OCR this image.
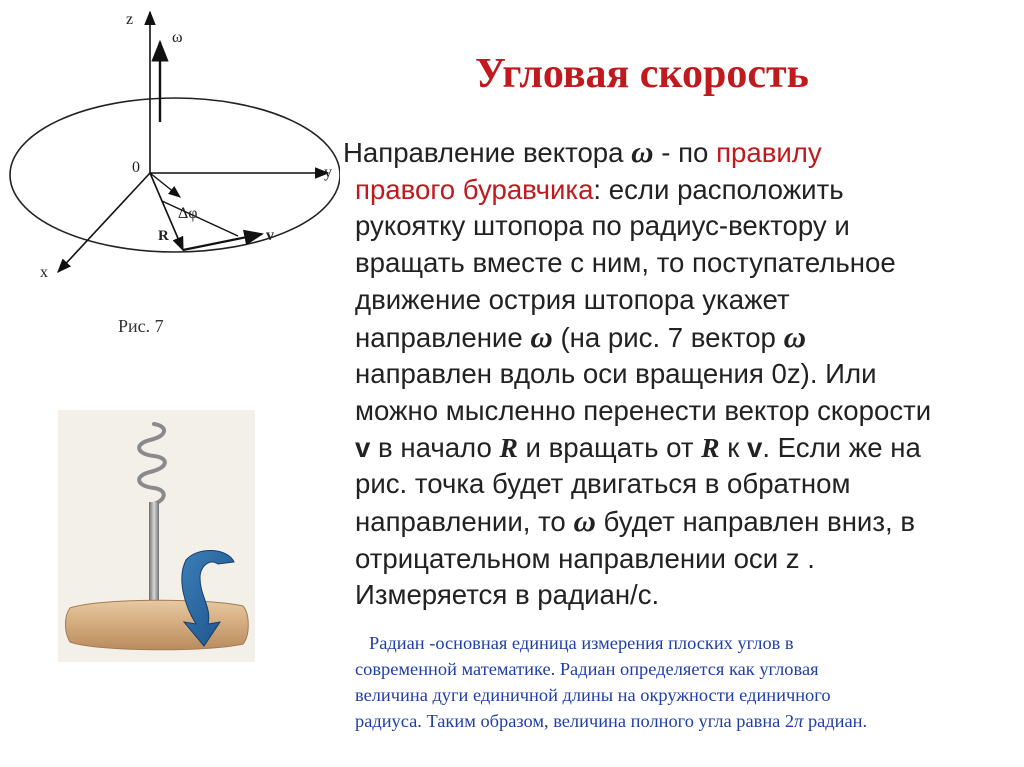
z
ω
y
x
0
Δφ
R	v
Рис. 7
Угловая скорость

Направление вектора ω - по правилу
правого буравчика: если расположить
рукоятку штопора по радиус-вектору и
вращать вместе с ним, то поступательное
движение острия штопора укажет
направление ω (на рис. 7 вектор ω
направлен вдоль оси вращения 0z). Или
можно мысленно перенести вектор скорости
v в начало R и вращать от R к v. Если же на
рис. точка будет двигаться в обратном
направлении, то ω будет направлен вниз, в
отрицательном направлении оси z .
Измеряется в радиан/с.

Радиан -основная единица измерения плоских углов в
современной математике. Радиан определяется как угловая
величина дуги единичной длины на окружности единичного
радиуса. Таким образом, величина полного угла равна 2π радиан.
